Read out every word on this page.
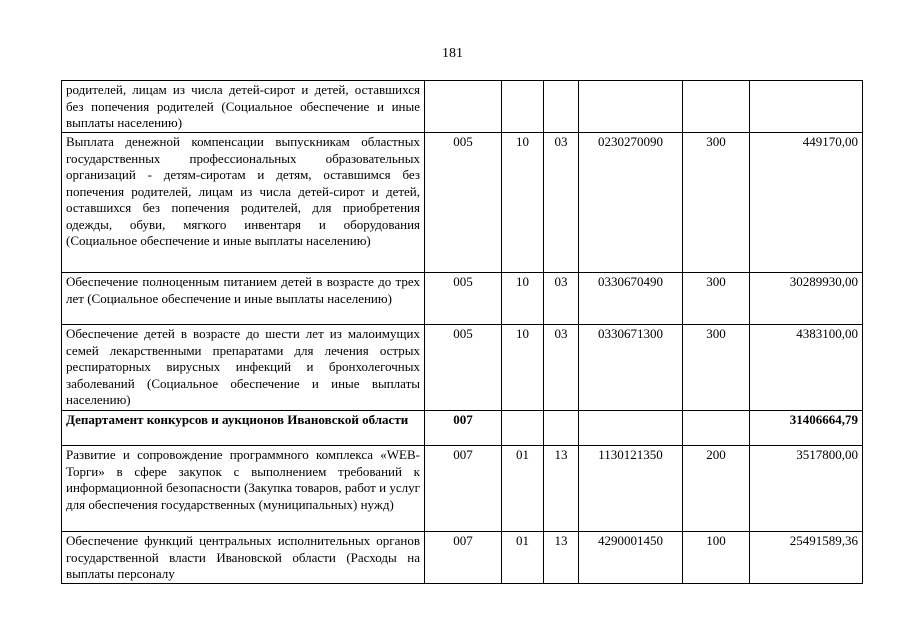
181
родителей, лицам из числа детей-сирот и детей, оставшихся без попечения родителей (Социальное обеспечение и иные выплаты населению)						
Выплата денежной компенсации выпускникам областных государственных профессиональных образовательных организаций - детям-сиротам и детям, оставшимся без попечения родителей, лицам из числа детей-сирот и детей, оставшихся без попечения родителей, для приобретения одежды, обуви, мягкого инвентаря и оборудования (Социальное обеспечение и иные выплаты населению)	005	10	03	0230270090	300	449170,00
Обеспечение полноценным питанием детей в возрасте до трех лет (Социальное обеспечение и иные выплаты населению)	005	10	03	0330670490	300	30289930,00
Обеспечение детей в возрасте до шести лет из малоимущих семей лекарственными препаратами для лечения острых респираторных вирусных инфекций и бронхолегочных заболеваний (Социальное обеспечение и иные выплаты населению)	005	10	03	0330671300	300	4383100,00
Департамент конкурсов и аукционов Ивановской области	007					31406664,79
Развитие и сопровождение программного комплекса «WEB-Торги» в сфере закупок с выполнением требований к информационной безопасности (Закупка товаров, работ и услуг для обеспечения государственных (муниципальных) нужд)	007	01	13	1130121350	200	3517800,00
Обеспечение функций центральных исполнительных органов государственной власти Ивановской области (Расходы на выплаты персоналу	007	01	13	4290001450	100	25491589,36
